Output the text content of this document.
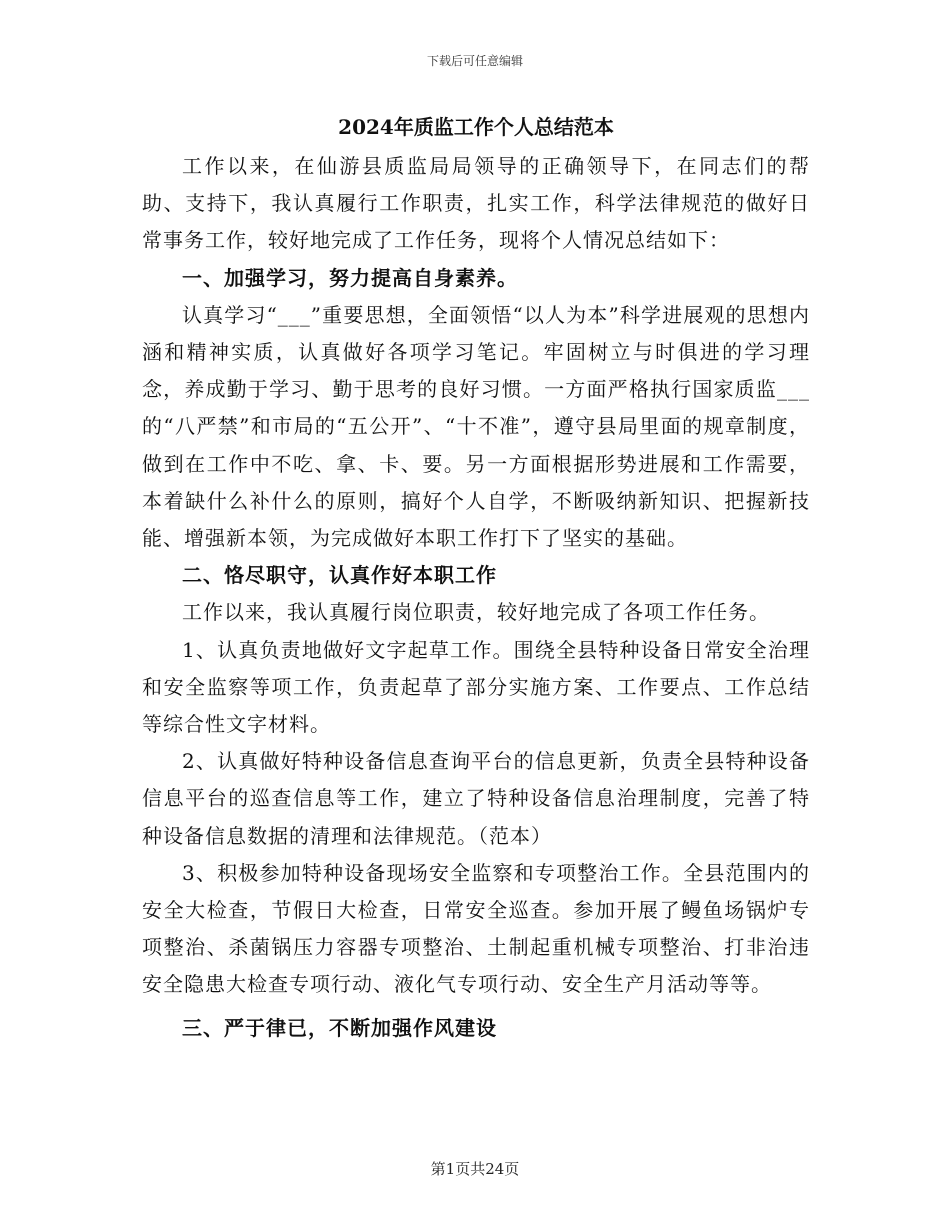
下载后可任意编辑
2024年质监工作个人总结范本

工作以来，在仙游县质监局局领导的正确领导下，在同志们的帮助、支持下，我认真履行工作职责，扎实工作，科学法律规范的做好日常事务工作，较好地完成了工作任务，现将个人情况总结如下：

一、加强学习，努力提高自身素养。

认真学习“___”重要思想，全面领悟“以人为本”科学进展观的思想内涵和精神实质，认真做好各项学习笔记。牢固树立与时俱进的学习理念，养成勤于学习、勤于思考的良好习惯。一方面严格执行国家质监___的“八严禁”和市局的“五公开”、“十不准”，遵守县局里面的规章制度，做到在工作中不吃、拿、卡、要。另一方面根据形势进展和工作需要，本着缺什么补什么的原则，搞好个人自学，不断吸纳新知识、把握新技能、增强新本领，为完成做好本职工作打下了坚实的基础。

二、恪尽职守，认真作好本职工作

工作以来，我认真履行岗位职责，较好地完成了各项工作任务。

1、认真负责地做好文字起草工作。围绕全县特种设备日常安全治理和安全监察等项工作，负责起草了部分实施方案、工作要点、工作总结等综合性文字材料。

2、认真做好特种设备信息查询平台的信息更新，负责全县特种设备信息平台的巡查信息等工作，建立了特种设备信息治理制度，完善了特种设备信息数据的清理和法律规范。（范本）

3、积极参加特种设备现场安全监察和专项整治工作。全县范围内的安全大检查，节假日大检查，日常安全巡查。参加开展了鳗鱼场锅炉专项整治、杀菌锅压力容器专项整治、土制起重机械专项整治、打非治违安全隐患大检查专项行动、液化气专项行动、安全生产月活动等等。

三、严于律已，不断加强作风建设

第1页共24页
